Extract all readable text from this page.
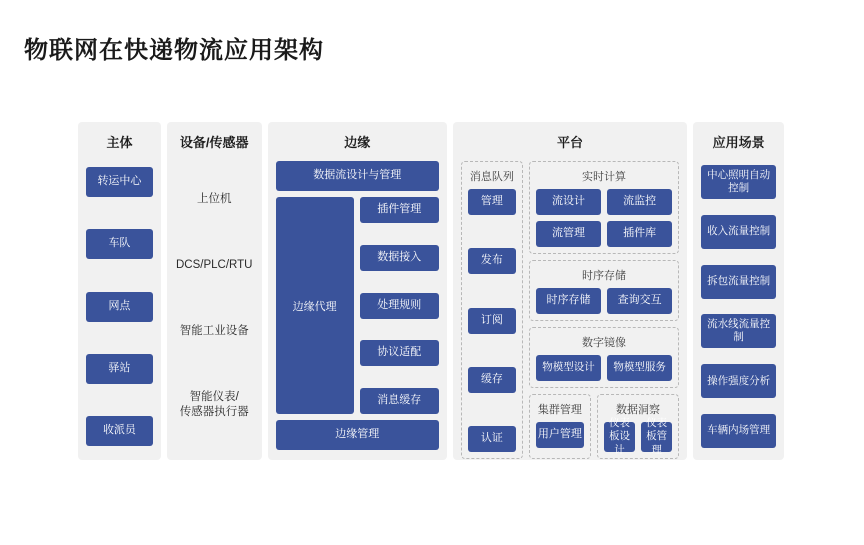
物联网在快递物流应用架构
主体
转运中心
车队
网点
驿站
收派员
设备/传感器
上位机
DCS/PLC/RTU
智能工业设备
智能仪表/
传感器执行器
边缘
数据流设计与管理
边缘代理
插件管理
数据接入
处理规则
协议适配
消息缓存
边缘管理
平台
消息队列
管理
发布
订阅
缓存
认证
实时计算
流设计	流监控
流管理	插件库
时序存储
时序存储	查询交互
数字镜像
物模型设计	物模型服务
集群管理
用户管理
数据洞察
仪表板设计
仪表板管理
应用场景
中心照明自动控制
收入流量控制
拆包流量控制
流水线流量控制
操作强度分析
车辆内场管理
